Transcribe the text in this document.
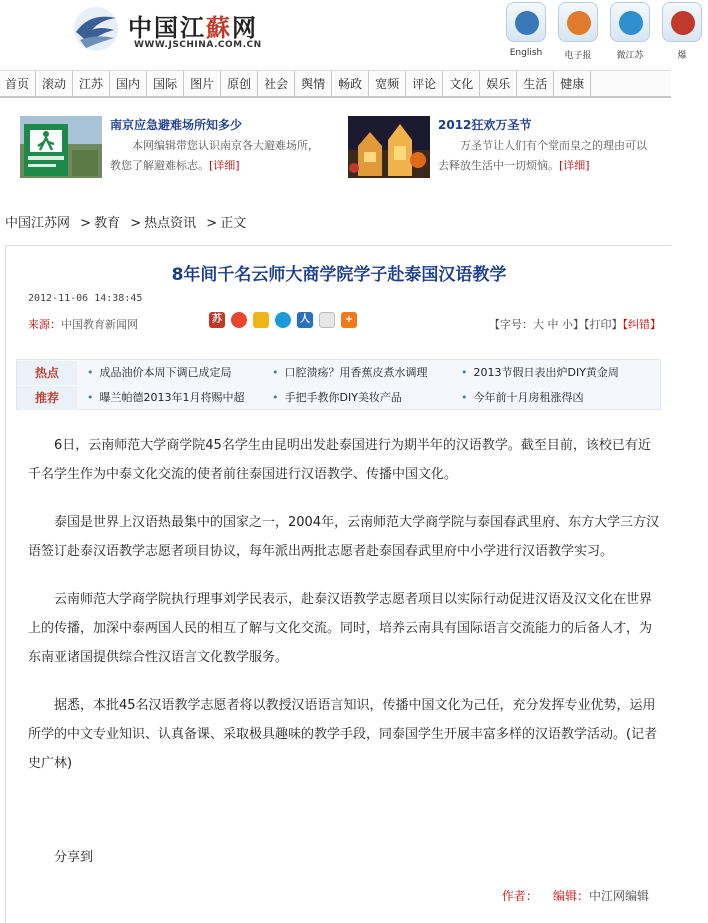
中国江蘇网
WWW.JSCHINA.COM.CN
English	电子报	微江苏	爆
首页 滚动 江苏 国内 国际 图片 原创 社会 舆情 畅政 宽频 评论 文化 娱乐 生活 健康
南京应急避难场所知多少
本网编辑带您认识南京各大避难场所，教您了解避难标志。[详细]
2012狂欢万圣节
万圣节让人们有个堂而皇之的理由可以去释放生活中一切烦恼。[详细]
中国江苏网 > 教育 > 热点资讯 > 正文
8年间千名云师大商学院学子赴泰国汉语教学
2012-11-06 14:38:45
来源：中国教育新闻网	苏	人	+	【字号：大 中 小】【打印】【纠错】
热点	• 成品油价本周下调已成定局	• 口腔溃疡？用香蕉皮煮水调理	• 2013节假日表出炉DIY黄金周
推荐	• 曝兰帕德2013年1月将赐中超	• 手把手教你DIY美妆产品	• 今年前十月房租涨得凶

6日，云南师范大学商学院45名学生由昆明出发赴泰国进行为期半年的汉语教学。截至目前，该校已有近千名学生作为中泰文化交流的使者前往泰国进行汉语教学、传播中国文化。

泰国是世界上汉语热最集中的国家之一，2004年，云南师范大学商学院与泰国春武里府、东方大学三方汉语签订赴泰汉语教学志愿者项目协议，每年派出两批志愿者赴泰国春武里府中小学进行汉语教学实习。

云南师范大学商学院执行理事刘学民表示，赴泰汉语教学志愿者项目以实际行动促进汉语及汉文化在世界上的传播，加深中泰两国人民的相互了解与文化交流。同时，培养云南具有国际语言交流能力的后备人才，为东南亚诸国提供综合性汉语言文化教学服务。

据悉，本批45名汉语教学志愿者将以教授汉语语言知识，传播中国文化为己任，充分发挥专业优势，运用所学的中文专业知识、认真备课、采取极具趣味的教学手段，同泰国学生开展丰富多样的汉语教学活动。(记者 史广林)

分享到
作者： 编辑：中江网编辑
